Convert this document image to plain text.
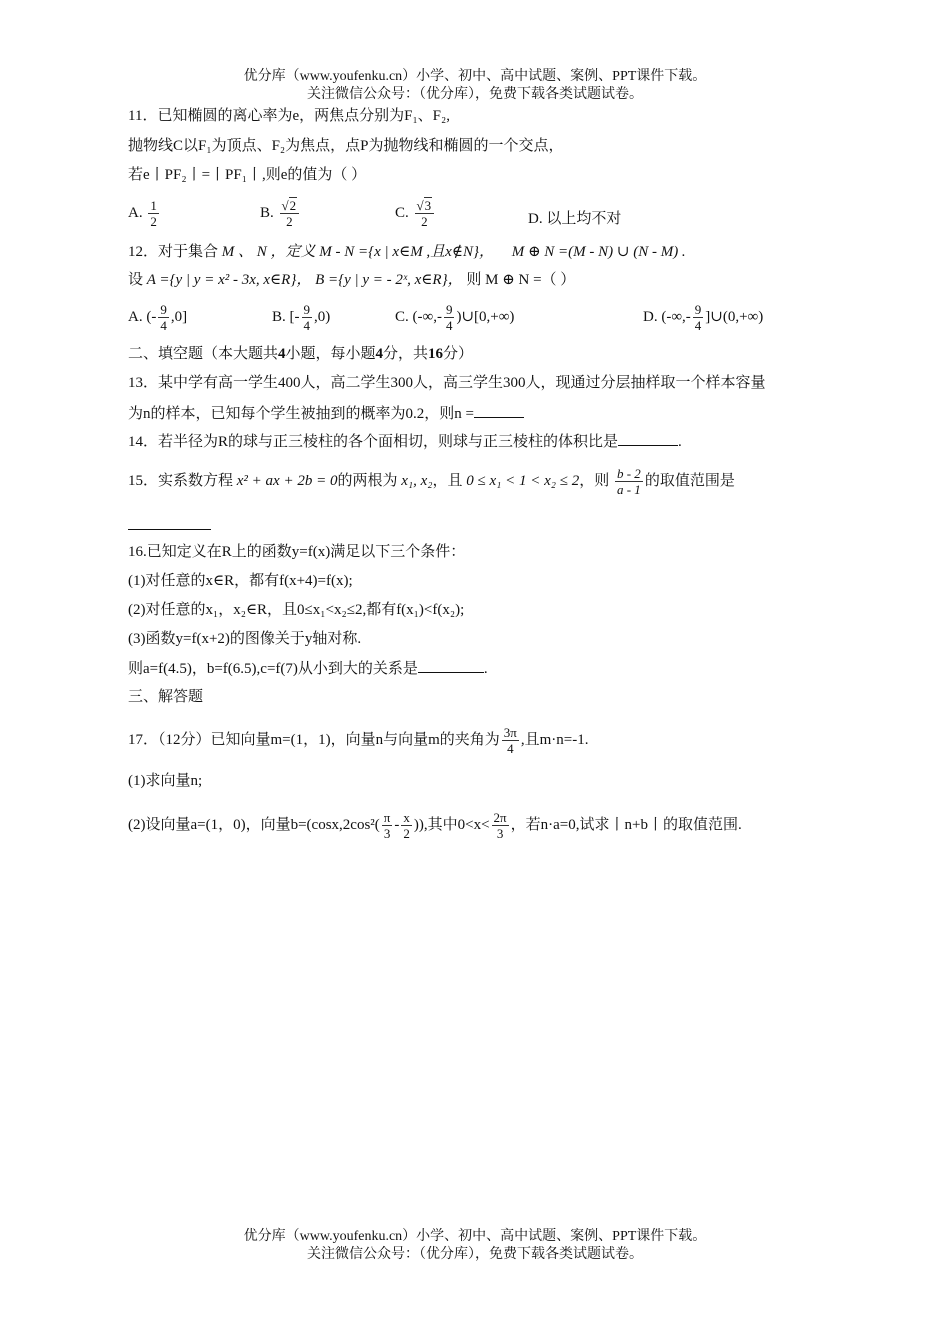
优分库（www.youfenku.cn）小学、初中、高中试题、案例、PPT课件下载。
关注微信公众号：（优分库），免费下载各类试题试卷。
11．已知椭圆的离心率为e，两焦点分别为F₁、F₂,
抛物线C以F₁为顶点、F₂为焦点，点P为抛物线和椭圆的一个交点，
若e丨PF₂丨=丨PF₁丨,则e的值为（ ）
A. $\frac{1}{2}$	B. $\frac{√2}{2}$	C. $\frac{√3}{2}$	D. 以上均不对
12．对于集合 M 、 N ，定义 M - N ={x | x∈M ,且x∉N}， M ⊕ N =(M - N) ∪ (N - M) .
设 A ={y | y = x² - 3x, x∈R}， B ={y | y = - 2ˣ, x∈R}， 则 M ⊕ N =（ ）
A. (- $\frac{9}{4} ,0$]	B. [- $\frac{9}{4} ,0$)	C. (-∞,- $\frac{9}{4}$ )∪[0,+∞)	D. (-∞,- $\frac{9}{4}$ ]∪(0,+∞)
二、填空题（本大题共4小题，每小题4分，共16分）
13．某中学有高一学生400人，高二学生300人，高三学生300人，现通过分层抽样取一个样本容量
为n的样本，已知每个学生被抽到的概率为0.2，则n =
14．若半径为R的球与正三棱柱的各个面相切，则球与正三棱柱的体积比是	.
15．实系数方程 x² + ax + 2b = 0的两根为 x₁, x₂，且 0 ≤ x₁ < 1 < x₂ ≤ 2，则 $\frac{b - 2}{a - 1}$ 的取值范围是
16.已知定义在R上的函数y=f(x)满足以下三个条件：
(1)对任意的x∈R，都有f(x+4)=f(x);
(2)对任意的x₁，x₂∈R，且0≤x₁<x₂≤2,都有f(x₁)<f(x₂);
(3)函数y=f(x+2)的图像关于y轴对称.
则a=f(4.5)，b=f(6.5),c=f(7)从小到大的关系是	.
三、解答题
17．（12分）已知向量m=(1，1)，向量n与向量m的夹角为 $\frac{3\pi}{4}$ ,且m·n=-1.
(1)求向量n;
(2)设向量a=(1，0)，向量$b=(\cos x,2\cos^2( \frac{\pi}{3} - \frac{x}{2}$ )),其中$0<x< \frac{2\pi}{3}$ ，若n·a=0,试求丨n+b丨的取值范围.
优分库（www.youfenku.cn）小学、初中、高中试题、案例、PPT课件下载。
关注微信公众号：（优分库），免费下载各类试题试卷。
